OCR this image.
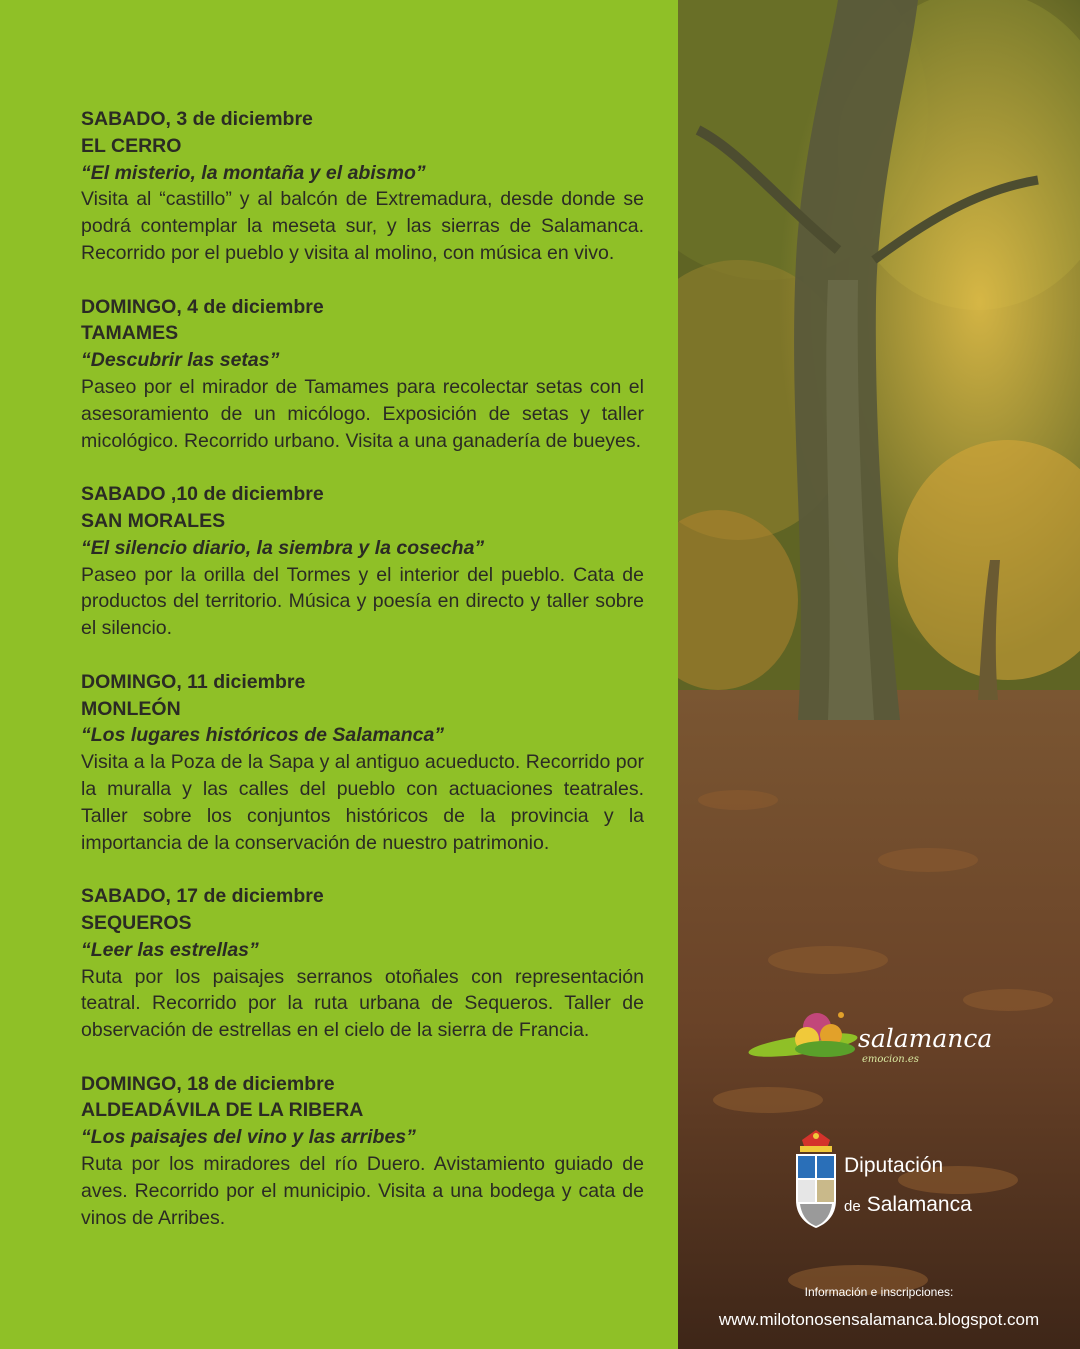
SABADO, 3 de diciembre
EL CERRO
“El misterio, la montaña y el abismo”
Visita al “castillo” y al balcón de Extremadura, desde donde se podrá contemplar la meseta sur, y las sierras de Salamanca. Recorrido por el pueblo y visita al molino, con música en vivo.
DOMINGO, 4 de diciembre
TAMAMES
“Descubrir las setas”
Paseo por el mirador de Tamames para recolectar setas con el asesoramiento de un micólogo. Exposición de setas y taller micológico. Recorrido urbano. Visita a una ganadería de bueyes.
SABADO ,10 de diciembre
SAN MORALES
“El silencio diario, la siembra y la cosecha”
Paseo por la orilla del Tormes y el interior del pueblo. Cata de productos del territorio. Música y poesía en directo y taller sobre el silencio.
DOMINGO, 11 diciembre
MONLEÓN
“Los lugares históricos de Salamanca”
Visita a la Poza de la Sapa y al antiguo acueducto. Recorrido por la muralla y las calles del pueblo con actuaciones teatrales. Taller sobre los conjuntos históricos de la provincia y la importancia de la conservación de nuestro patrimonio.
SABADO, 17 de diciembre
SEQUEROS
“Leer las estrellas”
Ruta por los paisajes serranos otoñales con representación teatral. Recorrido por la ruta urbana de Sequeros. Taller de observación de estrellas en el cielo de la sierra de Francia.
DOMINGO, 18 de diciembre
ALDEADÁVILA DE LA RIBERA
“Los paisajes del vino y las arribes”
Ruta por los miradores del río Duero. Avistamiento guiado de aves. Recorrido por el municipio. Visita a una bodega y cata de vinos de Arribes.
salamanca
emocion.es
Diputación
de Salamanca
Información e inscripciones:
www.milotonosensalamanca.blogspot.com
